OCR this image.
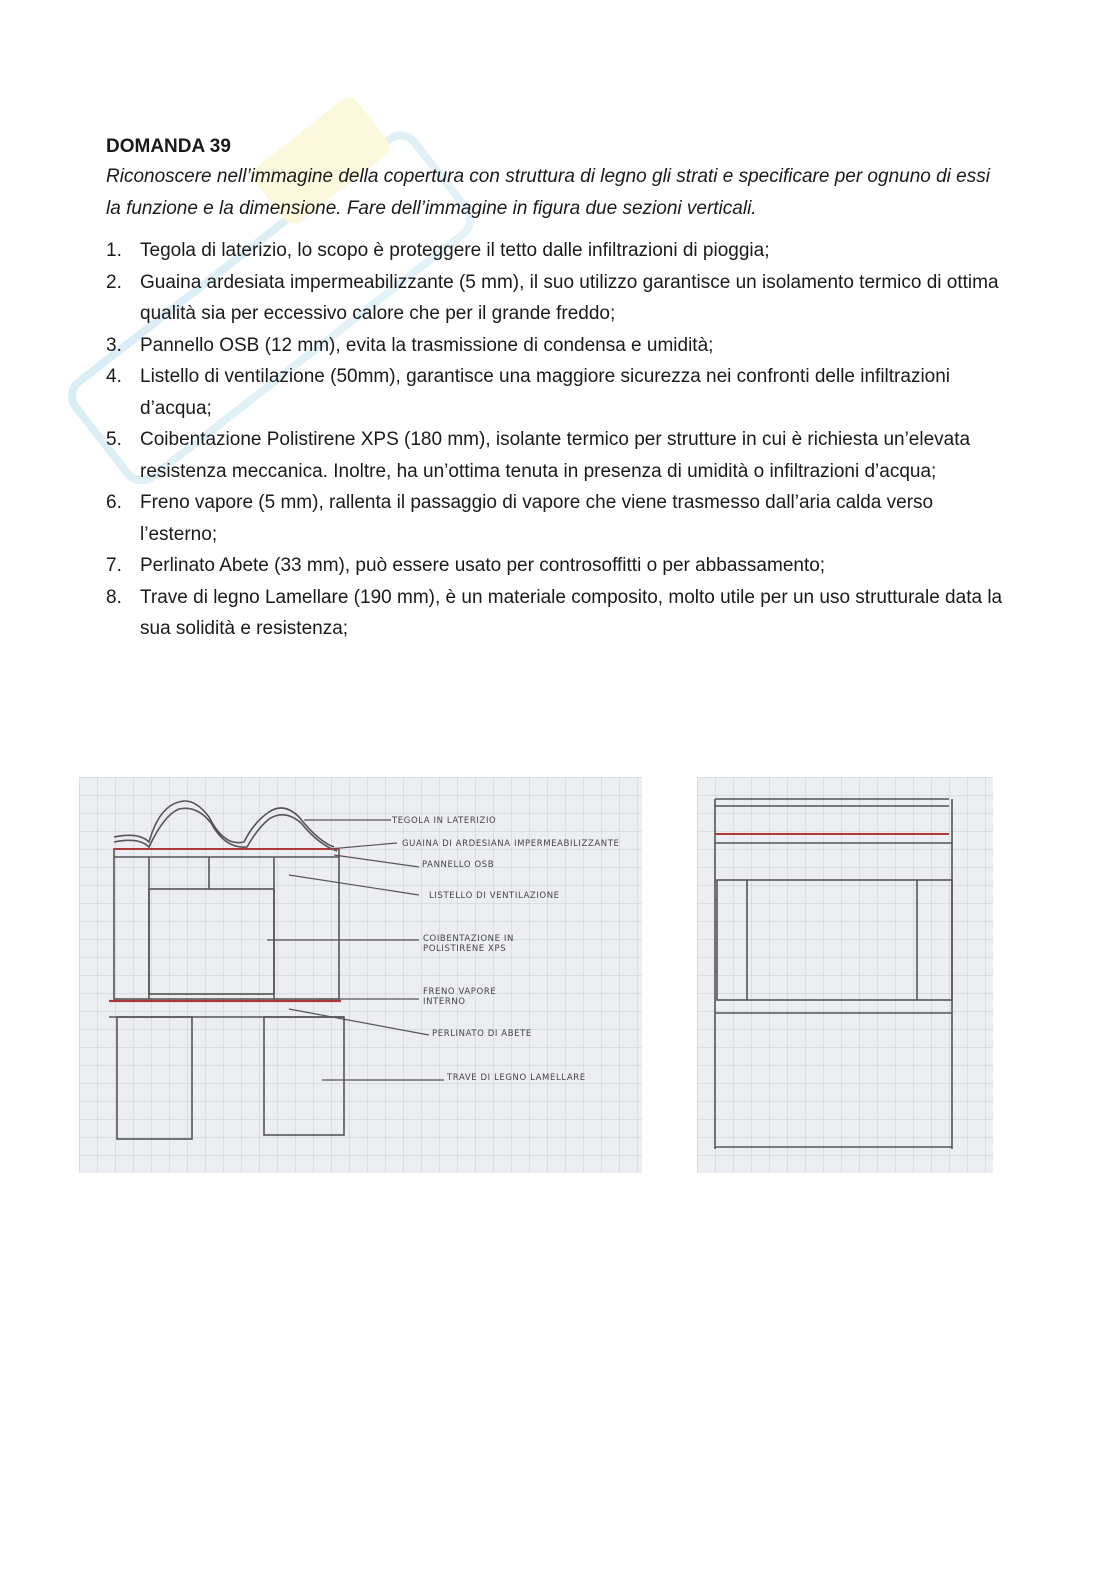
DOMANDA 39

Riconoscere nell’immagine della copertura con struttura di legno gli strati e specificare per ognuno di essi la funzione e la dimensione. Fare dell’immagine in figura due sezioni verticali.

1. Tegola di laterizio, lo scopo è proteggere il tetto dalle infiltrazioni di pioggia;
2. Guaina ardesiata impermeabilizzante (5 mm), il suo utilizzo garantisce un isolamento termico di ottima qualità sia per eccessivo calore che per il grande freddo;
3. Pannello OSB (12 mm), evita la trasmissione di condensa e umidità;
4. Listello di ventilazione (50mm), garantisce una maggiore sicurezza nei confronti delle infiltrazioni d’acqua;
5. Coibentazione Polistirene XPS (180 mm), isolante termico per strutture in cui è richiesta un’elevata resistenza meccanica. Inoltre, ha un’ottima tenuta in presenza di umidità o infiltrazioni d’acqua;
6. Freno vapore (5 mm), rallenta il passaggio di vapore che viene trasmesso dall’aria calda verso l’esterno;
7. Perlinato Abete (33 mm), può essere usato per controsoffitti o per abbassamento;
8. Trave di legno Lamellare (190 mm), è un materiale composito, molto utile per un uso strutturale data la sua solidità e resistenza;
TEGOLA IN LATERIZIO
GUAINA DI ARDESIANA IMPERMEABILIZZANTE
PANNELLO OSB
LISTELLO DI VENTILAZIONE
COIBENTAZIONE IN
POLISTIRENE XPS
FRENO VAPORE
INTERNO
PERLINATO DI ABETE
TRAVE DI LEGNO LAMELLARE
